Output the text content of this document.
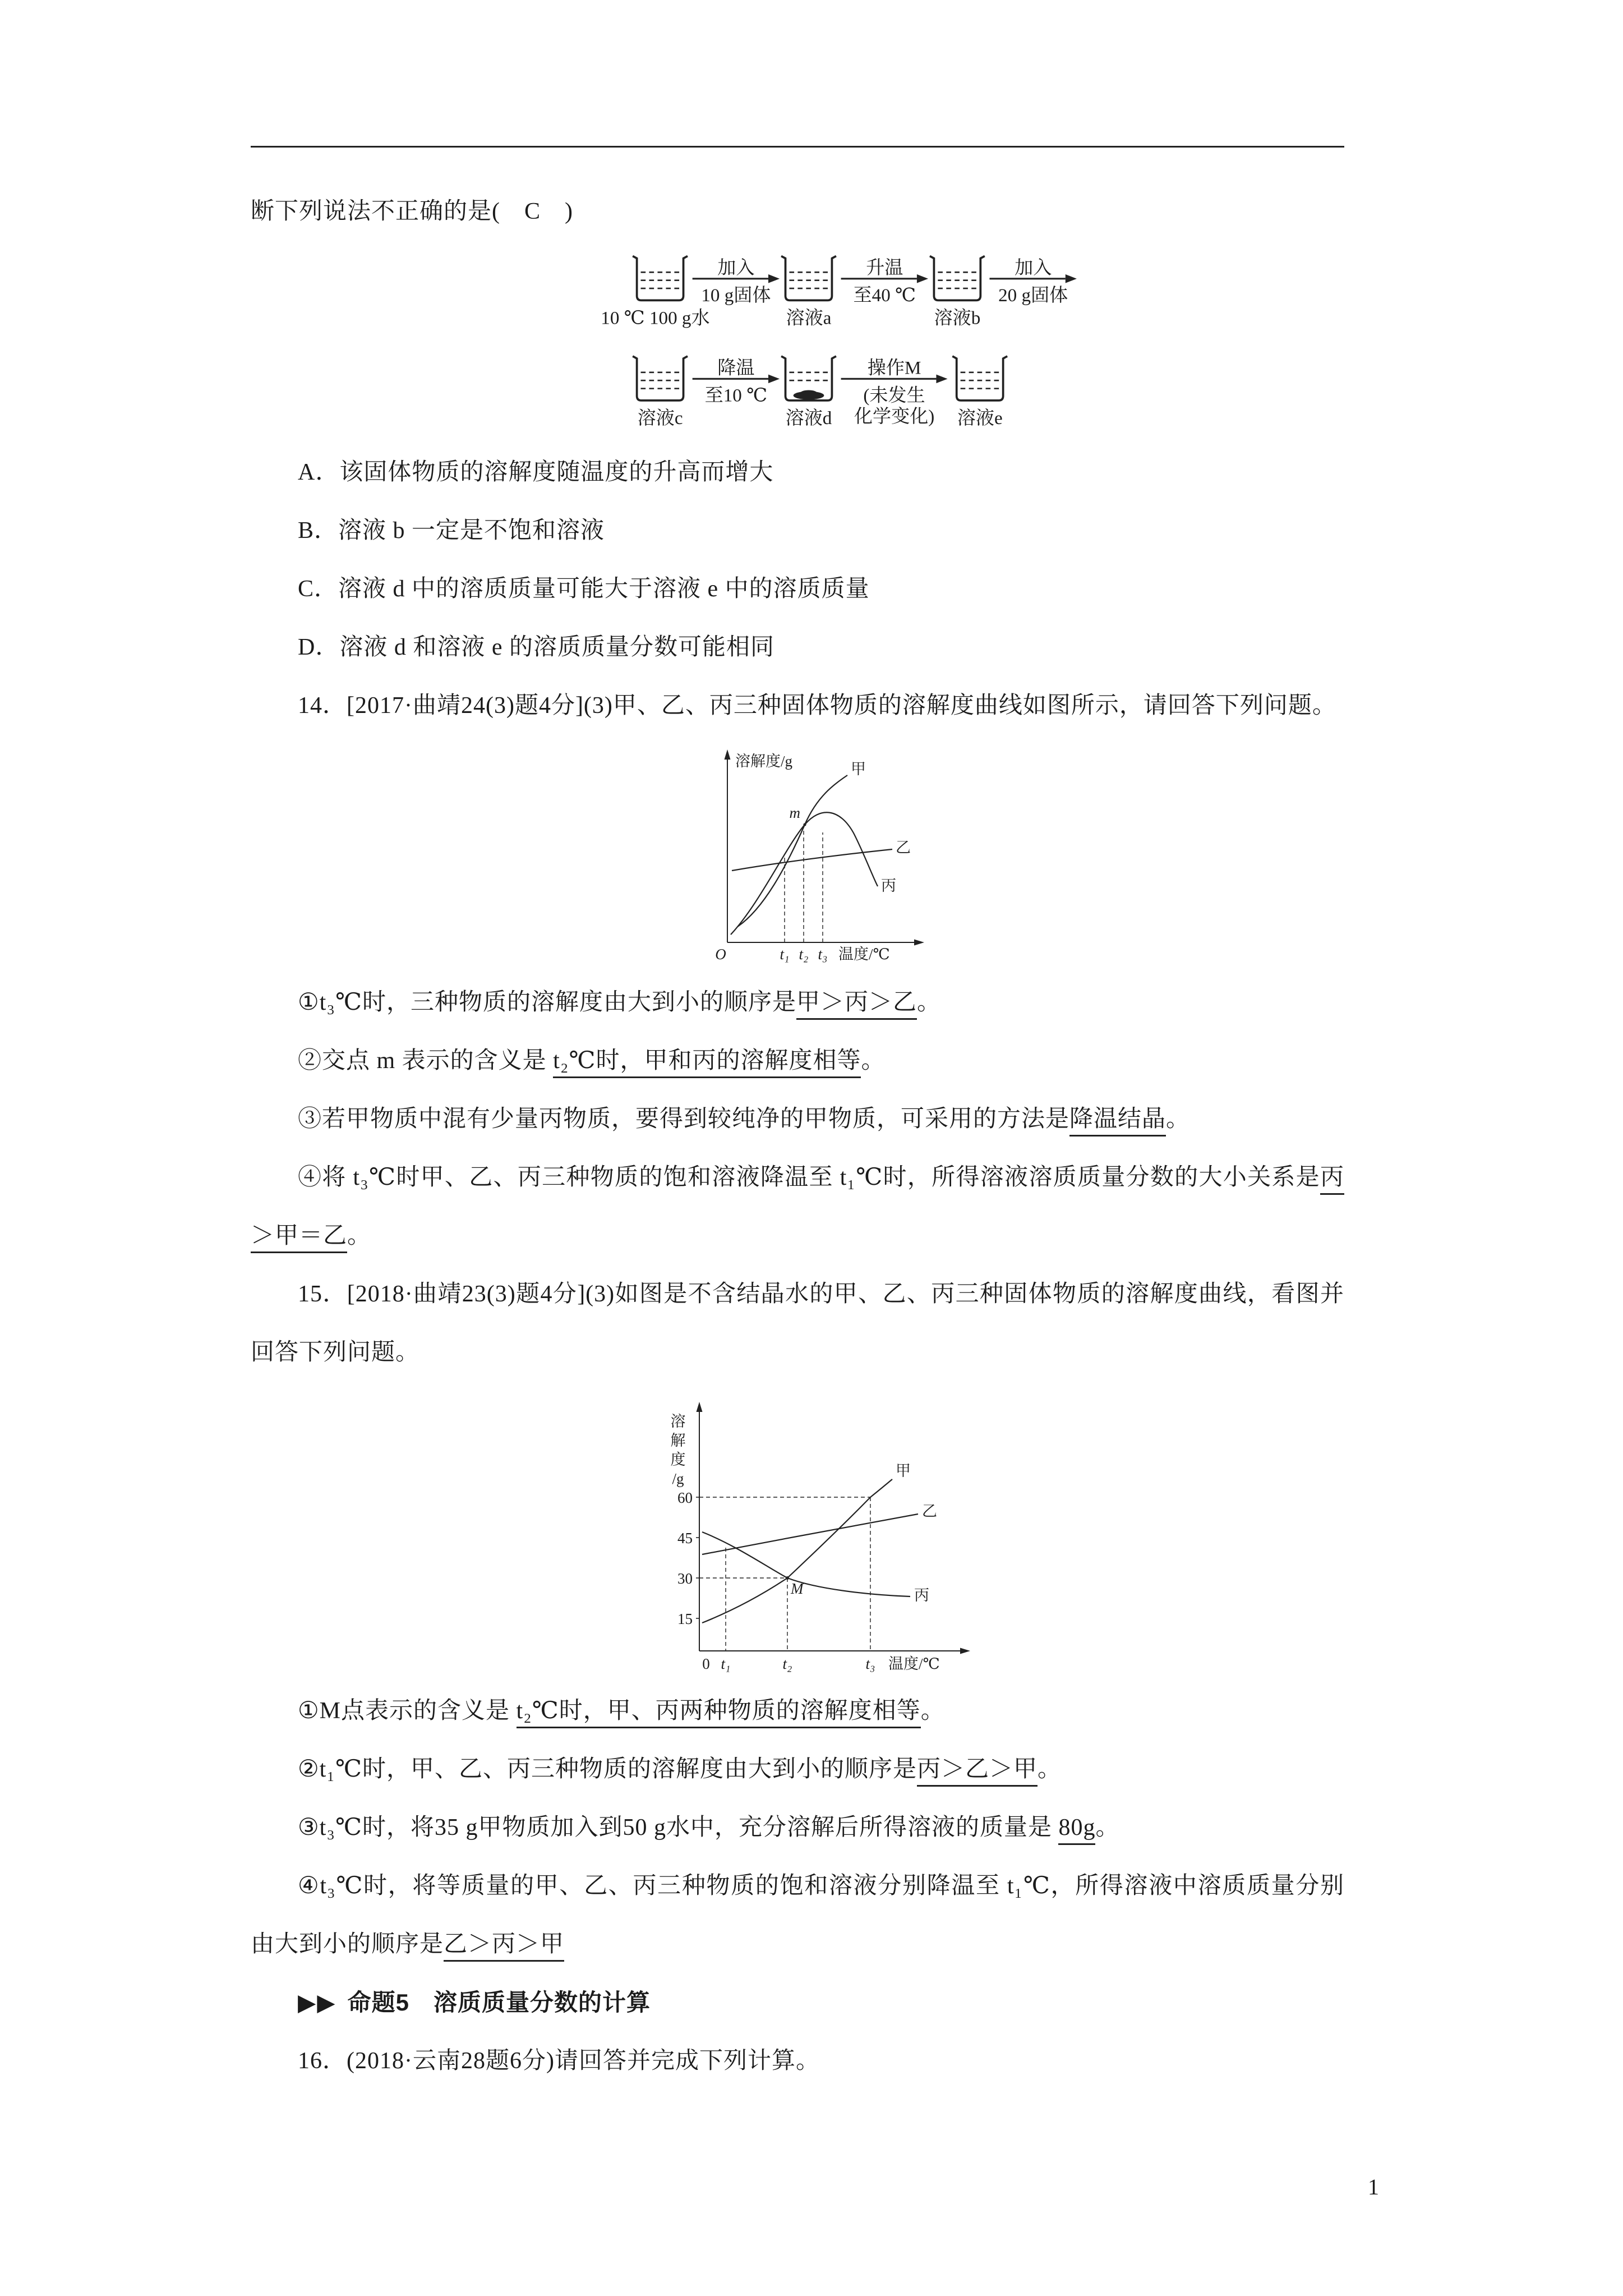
断下列说法不正确的是(　C　)

10 ℃ 100 g水
加入
10 g固体
溶液a
升温
至40 ℃
溶液b
加入
20 g固体
溶液c
降温
至10 ℃
溶液d
操作M
(未发生
化学变化)	溶液e

A．该固体物质的溶解度随温度的升高而增大

B．溶液 b 一定是不饱和溶液

C．溶液 d 中的溶质质量可能大于溶液 e 中的溶质质量

D．溶液 d 和溶液 e 的溶质质量分数可能相同

14．[2017·曲靖24(3)题4分](3)甲、乙、丙三种固体物质的溶解度曲线如图所示，请回答下列问题。

溶解度/g
O
m
甲
乙
丙
t₁ t₂ t₃ 温度/℃

①t₃℃时，三种物质的溶解度由大到小的顺序是甲＞丙＞乙。

②交点 m 表示的含义是 t₂℃时，甲和丙的溶解度相等。

③若甲物质中混有少量丙物质，要得到较纯净的甲物质，可采用的方法是降温结晶。

④将 t₃℃时甲、乙、丙三种物质的饱和溶液降温至 t₁℃时，所得溶液溶质质量分数的大小关系是丙＞甲＝乙。

15．[2018·曲靖23(3)题4分](3)如图是不含结晶水的甲、乙、丙三种固体物质的溶解度曲线，看图并回答下列问题。

溶
解
度
/g
60
45
30
15
M
甲
乙
丙
0 t₁	t₂	t₃ 温度/℃

①M点表示的含义是 t₂℃时，甲、丙两种物质的溶解度相等。

②t₁℃时，甲、乙、丙三种物质的溶解度由大到小的顺序是丙＞乙＞甲。

③t₃℃时，将35 g甲物质加入到50 g水中，充分溶解后所得溶液的质量是 80g。

④t₃℃时，将等质量的甲、乙、丙三种物质的饱和溶液分别降温至 t₁℃，所得溶液中溶质质量分别由大到小的顺序是乙＞丙＞甲

▶▶ 命题5　溶质质量分数的计算

16．(2018·云南28题6分)请回答并完成下列计算。

1
